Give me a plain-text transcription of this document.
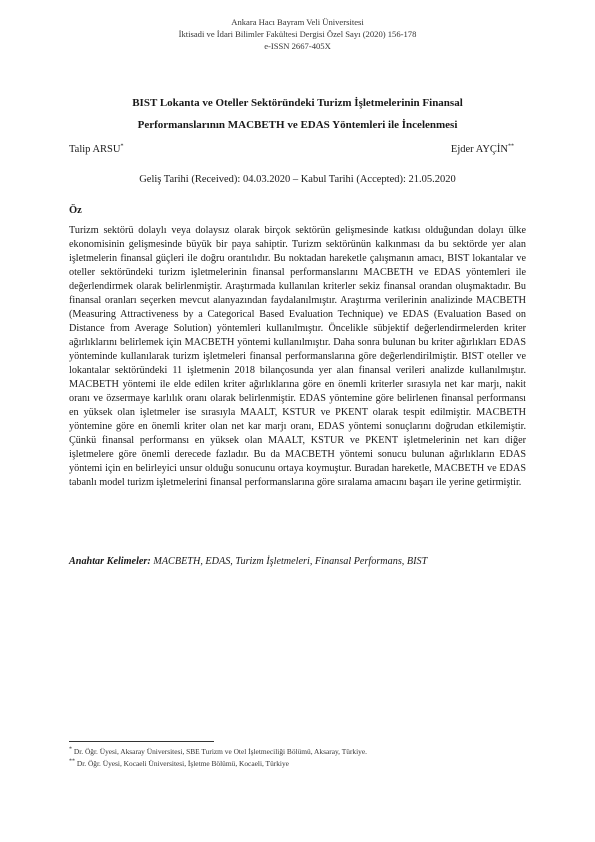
Ankara Hacı Bayram Veli Üniversitesi
İktisadi ve İdari Bilimler Fakültesi Dergisi Özel Sayı (2020) 156-178
e-ISSN 2667-405X
BIST Lokanta ve Oteller Sektöründeki Turizm İşletmelerinin Finansal
Performanslarının MACBETH ve EDAS Yöntemleri ile İncelenmesi
Talip ARSU*	Ejder AYÇİN**
Geliş Tarihi (Received): 04.03.2020 – Kabul Tarihi (Accepted): 21.05.2020
Öz
Turizm sektörü dolaylı veya dolaysız olarak birçok sektörün gelişmesinde katkısı olduğundan dolayı ülke ekonomisinin gelişmesinde büyük bir paya sahiptir. Turizm sektörünün kalkınması da bu sektörde yer alan işletmelerin finansal güçleri ile doğru orantılıdır. Bu noktadan hareketle çalışmanın amacı, BIST lokantalar ve oteller sektöründeki turizm işletmelerinin finansal performanslarını MACBETH ve EDAS yöntemleri ile değerlendirmek olarak belirlenmiştir. Araştırmada kullanılan kriterler sekiz finansal orandan oluşmaktadır. Bu finansal oranları seçerken mevcut alanyazından faydalanılmıştır. Araştırma verilerinin analizinde MACBETH (Measuring Attractiveness by a Categorical Based Evaluation Technique) ve EDAS (Evaluation Based on Distance from Average Solution) yöntemleri kullanılmıştır. Öncelikle sübjektif değerlendirmelerden kriter ağırlıklarını belirlemek için MACBETH yöntemi kullanılmıştır. Daha sonra bulunan bu kriter ağırlıkları EDAS yönteminde kullanılarak turizm işletmeleri finansal performanslarına göre değerlendirilmiştir. BIST oteller ve lokantalar sektöründeki 11 işletmenin 2018 bilançosunda yer alan finansal verileri analizde kullanılmıştır. MACBETH yöntemi ile elde edilen kriter ağırlıklarına göre en önemli kriterler sırasıyla net kar marjı, nakit oranı ve özsermaye karlılık oranı olarak belirlenmiştir. EDAS yöntemine göre belirlenen finansal performansı en yüksek olan işletmeler ise sırasıyla MAALT, KSTUR ve PKENT olarak tespit edilmiştir. MACBETH yöntemine göre en önemli kriter olan net kar marjı oranı, EDAS yöntemi sonuçlarını doğrudan etkilemiştir. Çünkü finansal performansı en yüksek olan MAALT, KSTUR ve PKENT işletmelerinin net karı diğer işletmelere göre önemli derecede fazladır. Bu da MACBETH yöntemi sonucu bulunan ağırlıkların EDAS yöntemi için en belirleyici unsur olduğu sonucunu ortaya koymuştur. Buradan hareketle, MACBETH ve EDAS tabanlı model turizm işletmelerini finansal performanslarına göre sıralama amacını başarı ile yerine getirmiştir.
Anahtar Kelimeler: MACBETH, EDAS, Turizm İşletmeleri, Finansal Performans, BIST
* Dr. Öğr. Üyesi, Aksaray Üniversitesi, SBE Turizm ve Otel İşletmeciliği Bölümü, Aksaray, Türkiye.
** Dr. Öğr. Üyesi, Kocaeli Üniversitesi, İşletme Bölümü, Kocaeli, Türkiye
